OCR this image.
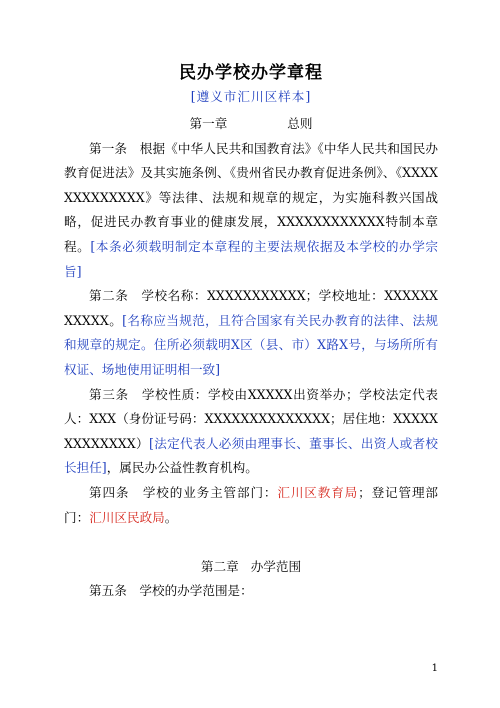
民办学校办学章程

[遵义市汇川区样本]

第一章	总则

第一条　根据《中华人民共和国教育法》《中华人民共和国民办教育促进法》及其实施条例、《贵州省民办教育促进条例》、《XXXXXXXXXXXXX》等法律、法规和规章的规定，为实施科教兴国战略，促进民办教育事业的健康发展，XXXXXXXXXXXX特制本章程。[本条必须载明制定本章程的主要法规依据及本学校的办学宗旨]

第二条　学校名称：XXXXXXXXXXX；学校地址：XXXXXXXXXXX。[名称应当规范，且符合国家有关民办教育的法律、法规和规章的规定。住所必须载明X区（县、市）X路X号，与场所所有权证、场地使用证明相一致]

第三条　学校性质：学校由XXXXX出资举办；学校法定代表人：XXX（身份证号码：XXXXXXXXXXXXXX；居住地：XXXXXXXXXXXXX）[法定代表人必须由理事长、董事长、出资人或者校长担任]，属民办公益性教育机构。

第四条　学校的业务主管部门：汇川区教育局；登记管理部门：汇川区民政局。

第二章 办学范围

第五条　学校的办学范围是：

1
